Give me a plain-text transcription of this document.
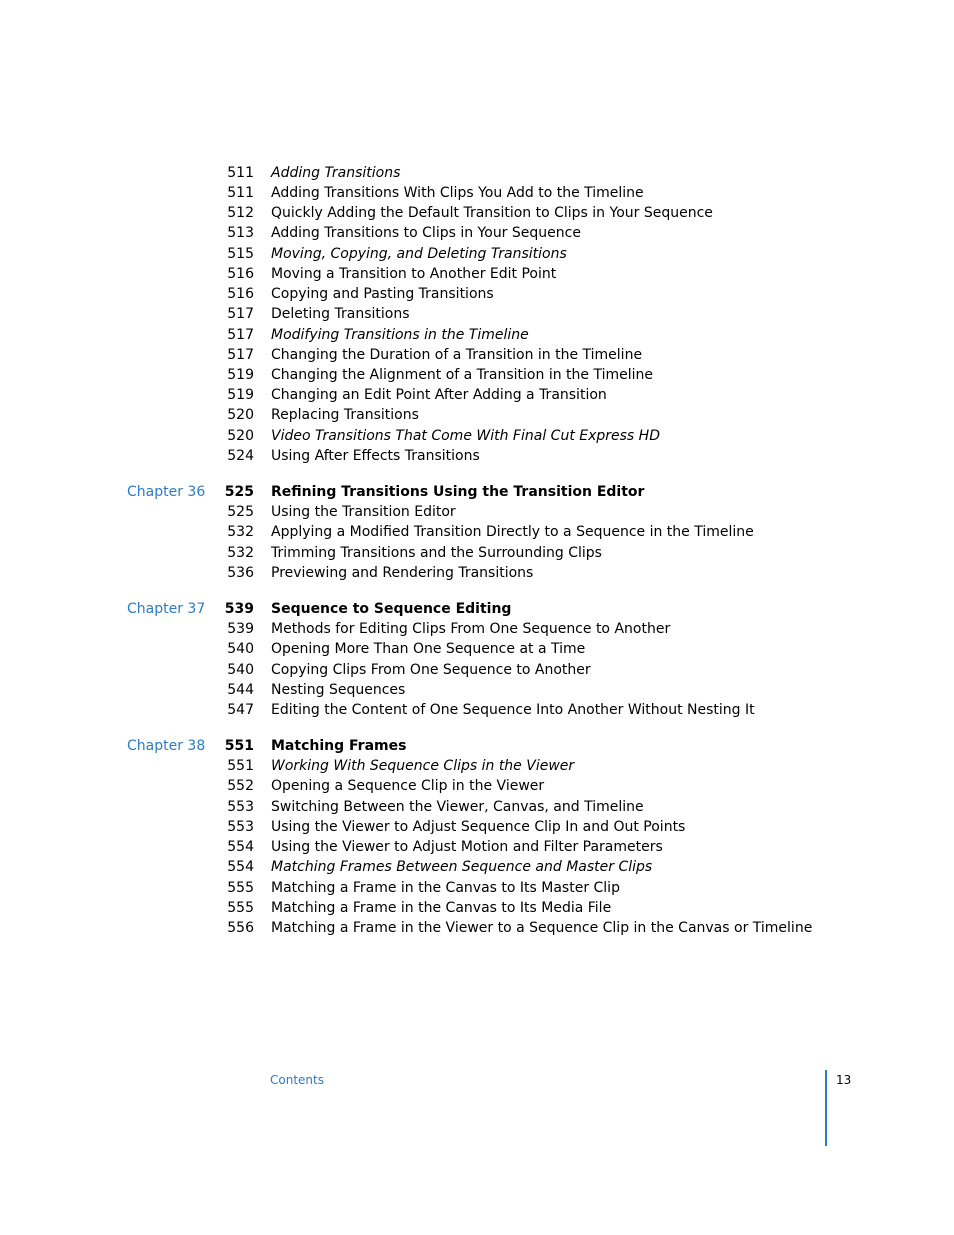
511 Adding Transitions
511 Adding Transitions With Clips You Add to the Timeline
512 Quickly Adding the Default Transition to Clips in Your Sequence
513 Adding Transitions to Clips in Your Sequence
515 Moving, Copying, and Deleting Transitions
516 Moving a Transition to Another Edit Point
516 Copying and Pasting Transitions
517 Deleting Transitions
517 Modifying Transitions in the Timeline
517 Changing the Duration of a Transition in the Timeline
519 Changing the Alignment of a Transition in the Timeline
519 Changing an Edit Point After Adding a Transition
520 Replacing Transitions
520 Video Transitions That Come With Final Cut Express HD
524 Using After Effects Transitions
Chapter 36	525 Refining Transitions Using the Transition Editor
525 Using the Transition Editor
532 Applying a Modified Transition Directly to a Sequence in the Timeline
532 Trimming Transitions and the Surrounding Clips
536 Previewing and Rendering Transitions
Chapter 37	539 Sequence to Sequence Editing
539 Methods for Editing Clips From One Sequence to Another
540 Opening More Than One Sequence at a Time
540 Copying Clips From One Sequence to Another
544 Nesting Sequences
547 Editing the Content of One Sequence Into Another Without Nesting It
Chapter 38	551 Matching Frames
551 Working With Sequence Clips in the Viewer
552 Opening a Sequence Clip in the Viewer
553 Switching Between the Viewer, Canvas, and Timeline
553 Using the Viewer to Adjust Sequence Clip In and Out Points
554 Using the Viewer to Adjust Motion and Filter Parameters
554 Matching Frames Between Sequence and Master Clips
555 Matching a Frame in the Canvas to Its Master Clip
555 Matching a Frame in the Canvas to Its Media File
556 Matching a Frame in the Viewer to a Sequence Clip in the Canvas or Timeline
Contents	13
